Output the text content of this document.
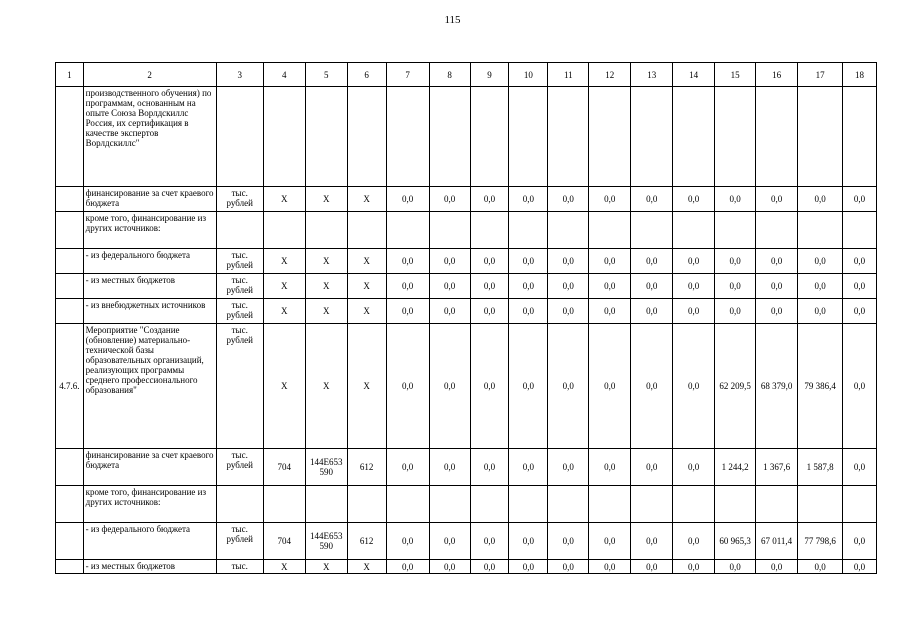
115
1	2	3	4	5	6	7	8	9	10	11	12	13	14	15	16	17	18
	производственного обучения) по программам, основанным на опыте Союза Ворлдскиллс Россия, их сертификация в качестве экспертов Ворлдскиллс"																
	финансирование за счет краевого бюджета	тыс. рублей	Х	Х	Х	0,0	0,0	0,0	0,0	0,0	0,0	0,0	0,0	0,0	0,0	0,0	0,0
	кроме того, финансирование из других источников:																
	- из федерального бюджета	тыс. рублей	Х	Х	Х	0,0	0,0	0,0	0,0	0,0	0,0	0,0	0,0	0,0	0,0	0,0	0,0
	- из местных бюджетов	тыс. рублей	Х	Х	Х	0,0	0,0	0,0	0,0	0,0	0,0	0,0	0,0	0,0	0,0	0,0	0,0
	- из внебюджетных источников	тыс. рублей	Х	Х	Х	0,0	0,0	0,0	0,0	0,0	0,0	0,0	0,0	0,0	0,0	0,0	0,0
4.7.6.	Мероприятие "Создание (обновление) материально-технической базы образовательных организаций, реализующих программы среднего профессионального образования"	тыс. рублей	Х	Х	Х	0,0	0,0	0,0	0,0	0,0	0,0	0,0	0,0	62 209,5	68 379,0	79 386,4	0,0
	финансирование за счет краевого бюджета	тыс. рублей	704	144E653590	612	0,0	0,0	0,0	0,0	0,0	0,0	0,0	0,0	1 244,2	1 367,6	1 587,8	0,0
	кроме того, финансирование из других источников:																
	- из федерального бюджета	тыс. рублей	704	144E653590	612	0,0	0,0	0,0	0,0	0,0	0,0	0,0	0,0	60 965,3	67 011,4	77 798,6	0,0
	- из местных бюджетов	тыс.	Х	Х	Х	0,0	0,0	0,0	0,0	0,0	0,0	0,0	0,0	0,0	0,0	0,0	0,0
